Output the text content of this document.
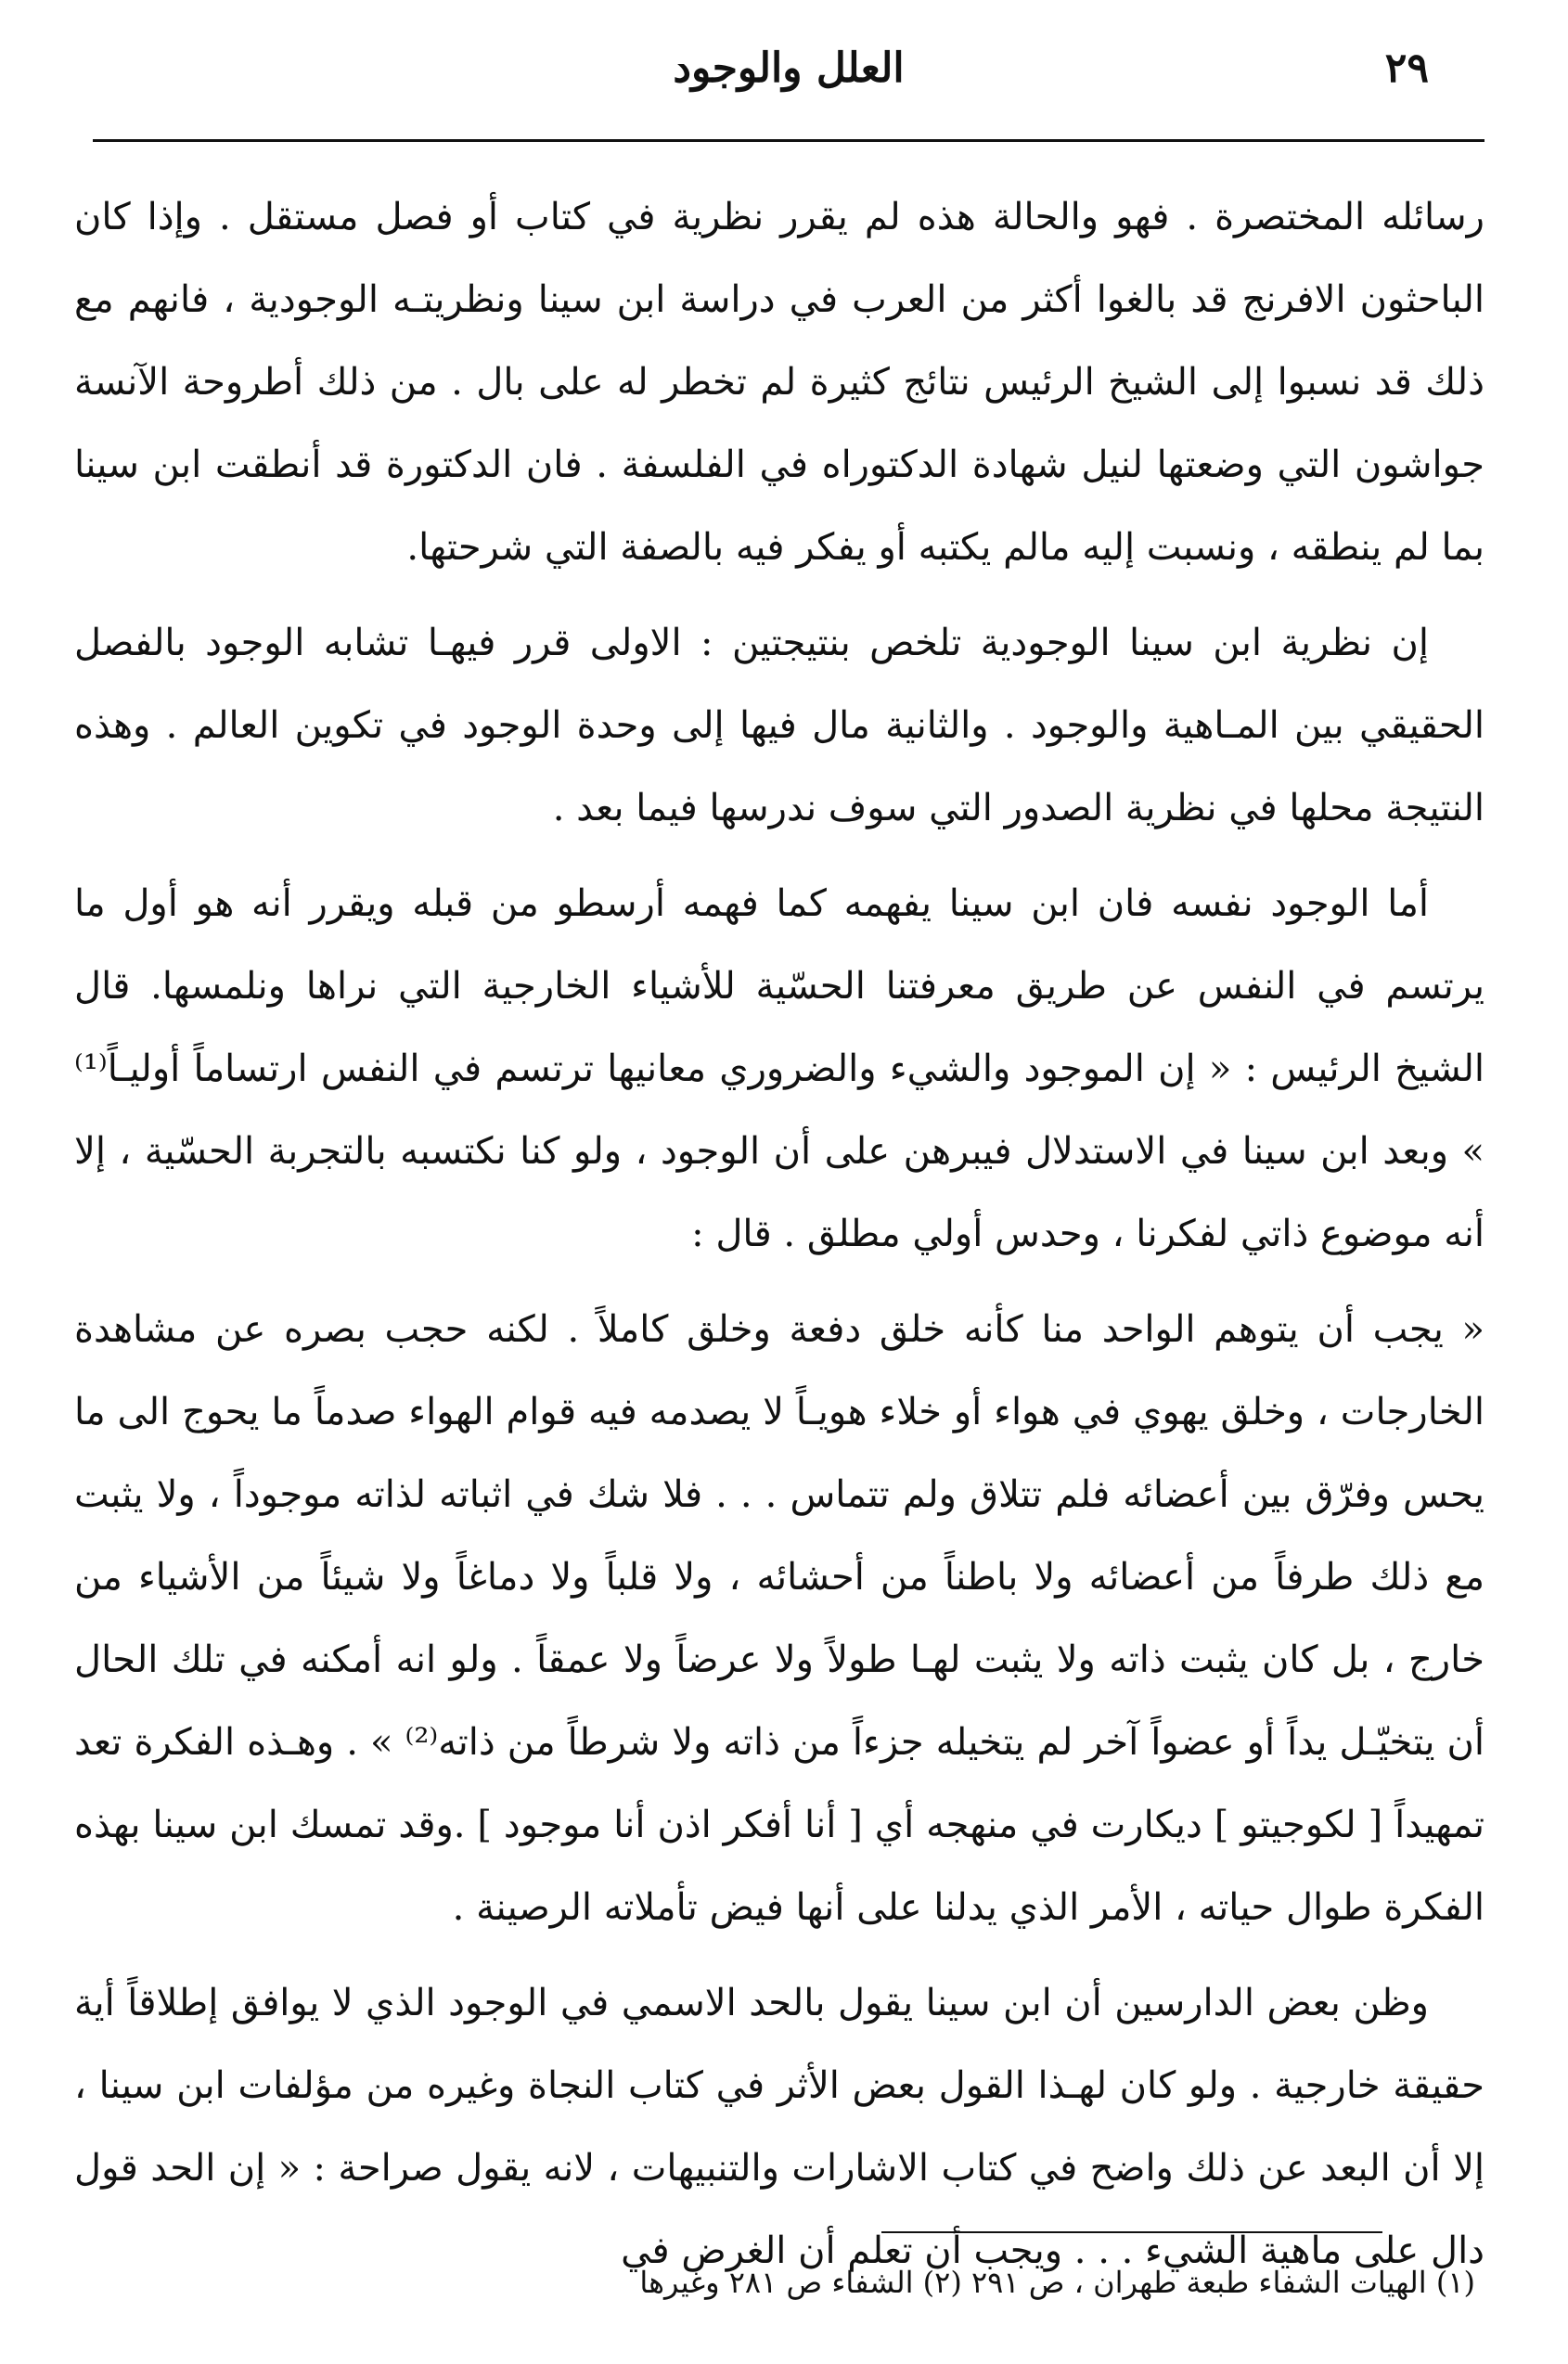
٢٩
العلل والوجود

رسائله المختصرة . فهو والحالة هذه لم يقرر نظرية في كتاب أو فصل مستقل . وإذا كان الباحثون الافرنج قد بالغوا أكثر من العرب في دراسة ابن سينا ونظريتـه الوجودية ، فانهم مع ذلك قد نسبوا إلى الشيخ الرئيس نتائج كثيرة لم تخطر له على بال . من ذلك أطروحة الآنسة جواشون التي وضعتها لنيل شهادة الدكتوراه في الفلسفة . فان الدكتورة قد أنطقت ابن سينا بما لم ينطقه ، ونسبت إليه مالم يكتبه أو يفكر فيه بالصفة التي شرحتها.

إن نظرية ابن سينا الوجودية تلخص بنتيجتين : الاولى قرر فيهـا تشابه الوجود بالفصل الحقيقي بين المـاهية والوجود . والثانية مال فيها إلى وحدة الوجود في تكوين العالم . وهذه النتيجة محلها في نظرية الصدور التي سوف ندرسها فيما بعد .

أما الوجود نفسه فان ابن سينا يفهمه كما فهمه أرسطو من قبله ويقرر أنه هو أول ما يرتسم في النفس عن طريق معرفتنا الحسّية للأشياء الخارجية التي نراها ونلمسها. قال الشيخ الرئيس : « إن الموجود والشيء والضروري معانيها ترتسم في النفس ارتساماً أوليـاً⁽¹⁾ » وبعد ابن سينا في الاستدلال فيبرهن على أن الوجود ، ولو كنا نكتسبه بالتجربة الحسّية ، إلا أنه موضوع ذاتي لفكرنا ، وحدس أولي مطلق . قال :

« يجب أن يتوهم الواحد منا كأنه خلق دفعة وخلق كاملاً . لكنه حجب بصره عن مشاهدة الخارجات ، وخلق يهوي في هواء أو خلاء هويـاً لا يصدمه فيه قوام الهواء صدماً ما يحوج الى ما يحس وفرّق بين أعضائه فلم تتلاق ولم تتماس . . . فلا شك في اثباته لذاته موجوداً ، ولا يثبت مع ذلك طرفاً من أعضائه ولا باطناً من أحشائه ، ولا قلباً ولا دماغاً ولا شيئاً من الأشياء من خارج ، بل كان يثبت ذاته ولا يثبت لهـا طولاً ولا عرضاً ولا عمقاً . ولو انه أمكنه في تلك الحال أن يتخيّـل يداً أو عضواً آخر لم يتخيله جزءاً من ذاته ولا شرطاً من ذاته⁽²⁾ » . وهـذه الفكرة تعد تمهيداً [ لكوجيتو ] ديكارت في منهجه أي [ أنا أفكر اذن أنا موجود ] .وقد تمسك ابن سينا بهذه الفكرة طوال حياته ، الأمر الذي يدلنا على أنها فيض تأملاته الرصينة .

وظن بعض الدارسين أن ابن سينا يقول بالحد الاسمي في الوجود الذي لا يوافق إطلاقاً أية حقيقة خارجية . ولو كان لهـذا القول بعض الأثر في كتاب النجاة وغيره من مؤلفات ابن سينا ، إلا أن البعد عن ذلك واضح في كتاب الاشارات والتنبيهات ، لانه يقول صراحة : « إن الحد قول دال على ماهية الشيء . . . ويجب أن تعلم أن الغرض في

(١) الهيات الشفاء طبعة طهران ، ص ٢٩١ (٢) الشفاء ص ٢٨١ وغيرها
